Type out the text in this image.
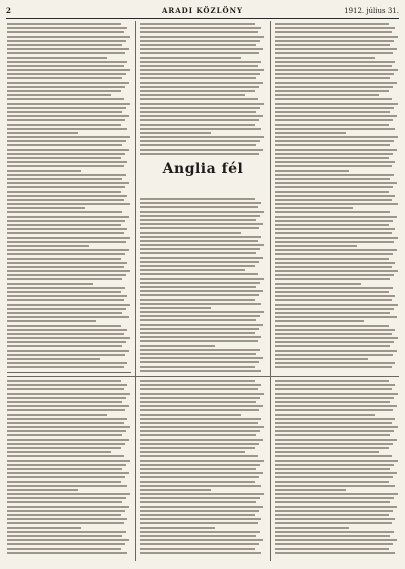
2	ARADI KÖZLÖNY	1912. július 31.
Anglia fél
